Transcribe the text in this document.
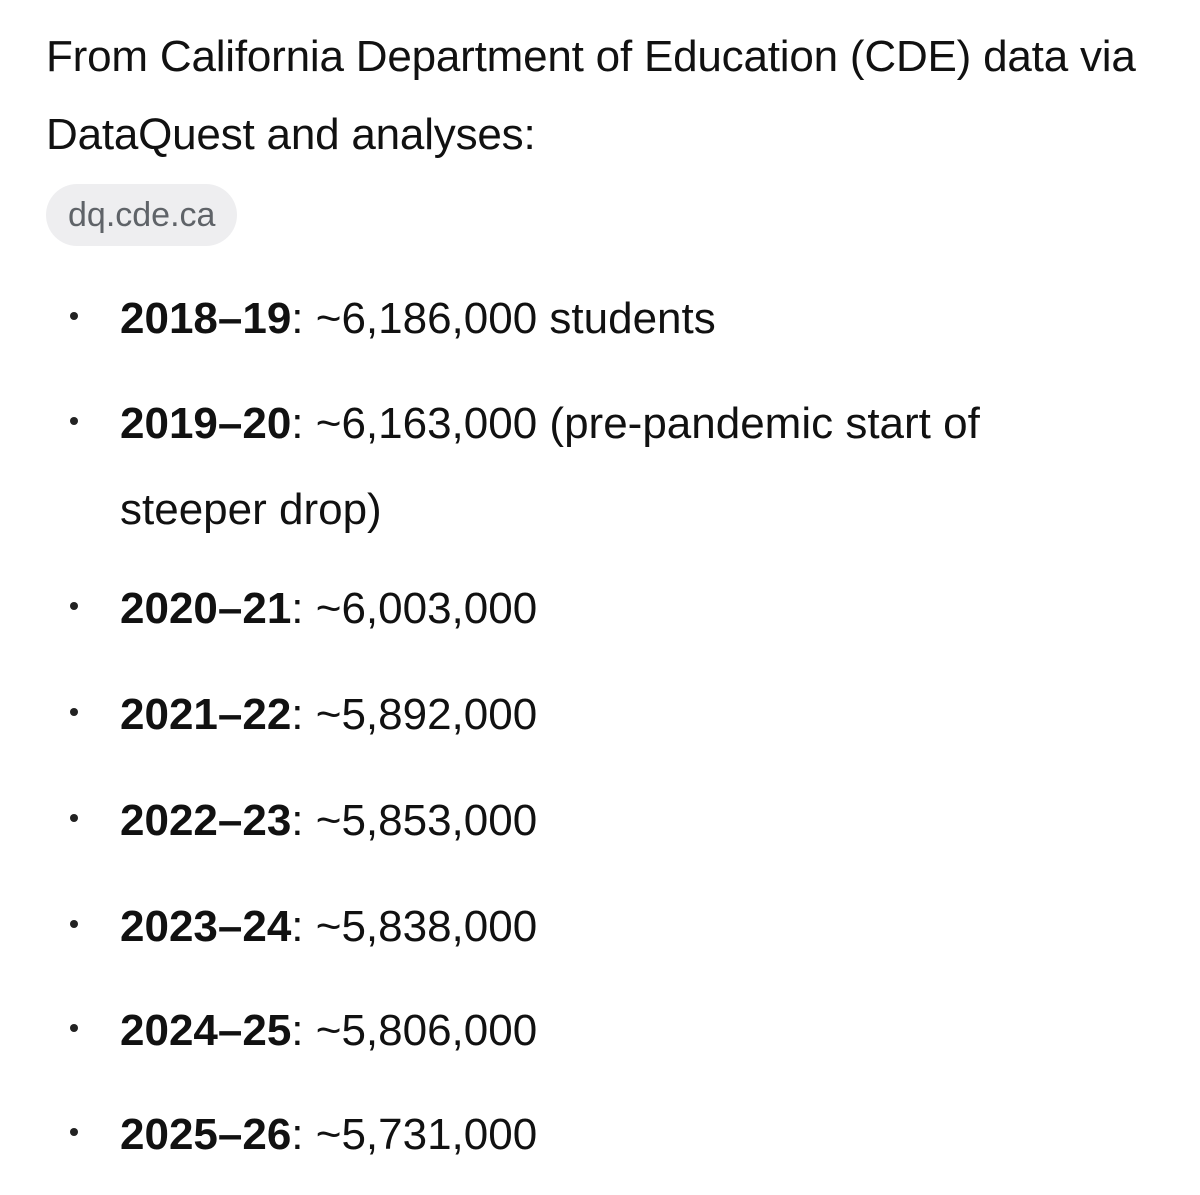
From California Department of Education (CDE) data via DataQuest and analyses:
dq.cde.ca
2018–19: ~6,186,000 students
2019–20: ~6,163,000 (pre-pandemic start of steeper drop)
2020–21: ~6,003,000
2021–22: ~5,892,000
2022–23: ~5,853,000
2023–24: ~5,838,000
2024–25: ~5,806,000
2025–26: ~5,731,000
